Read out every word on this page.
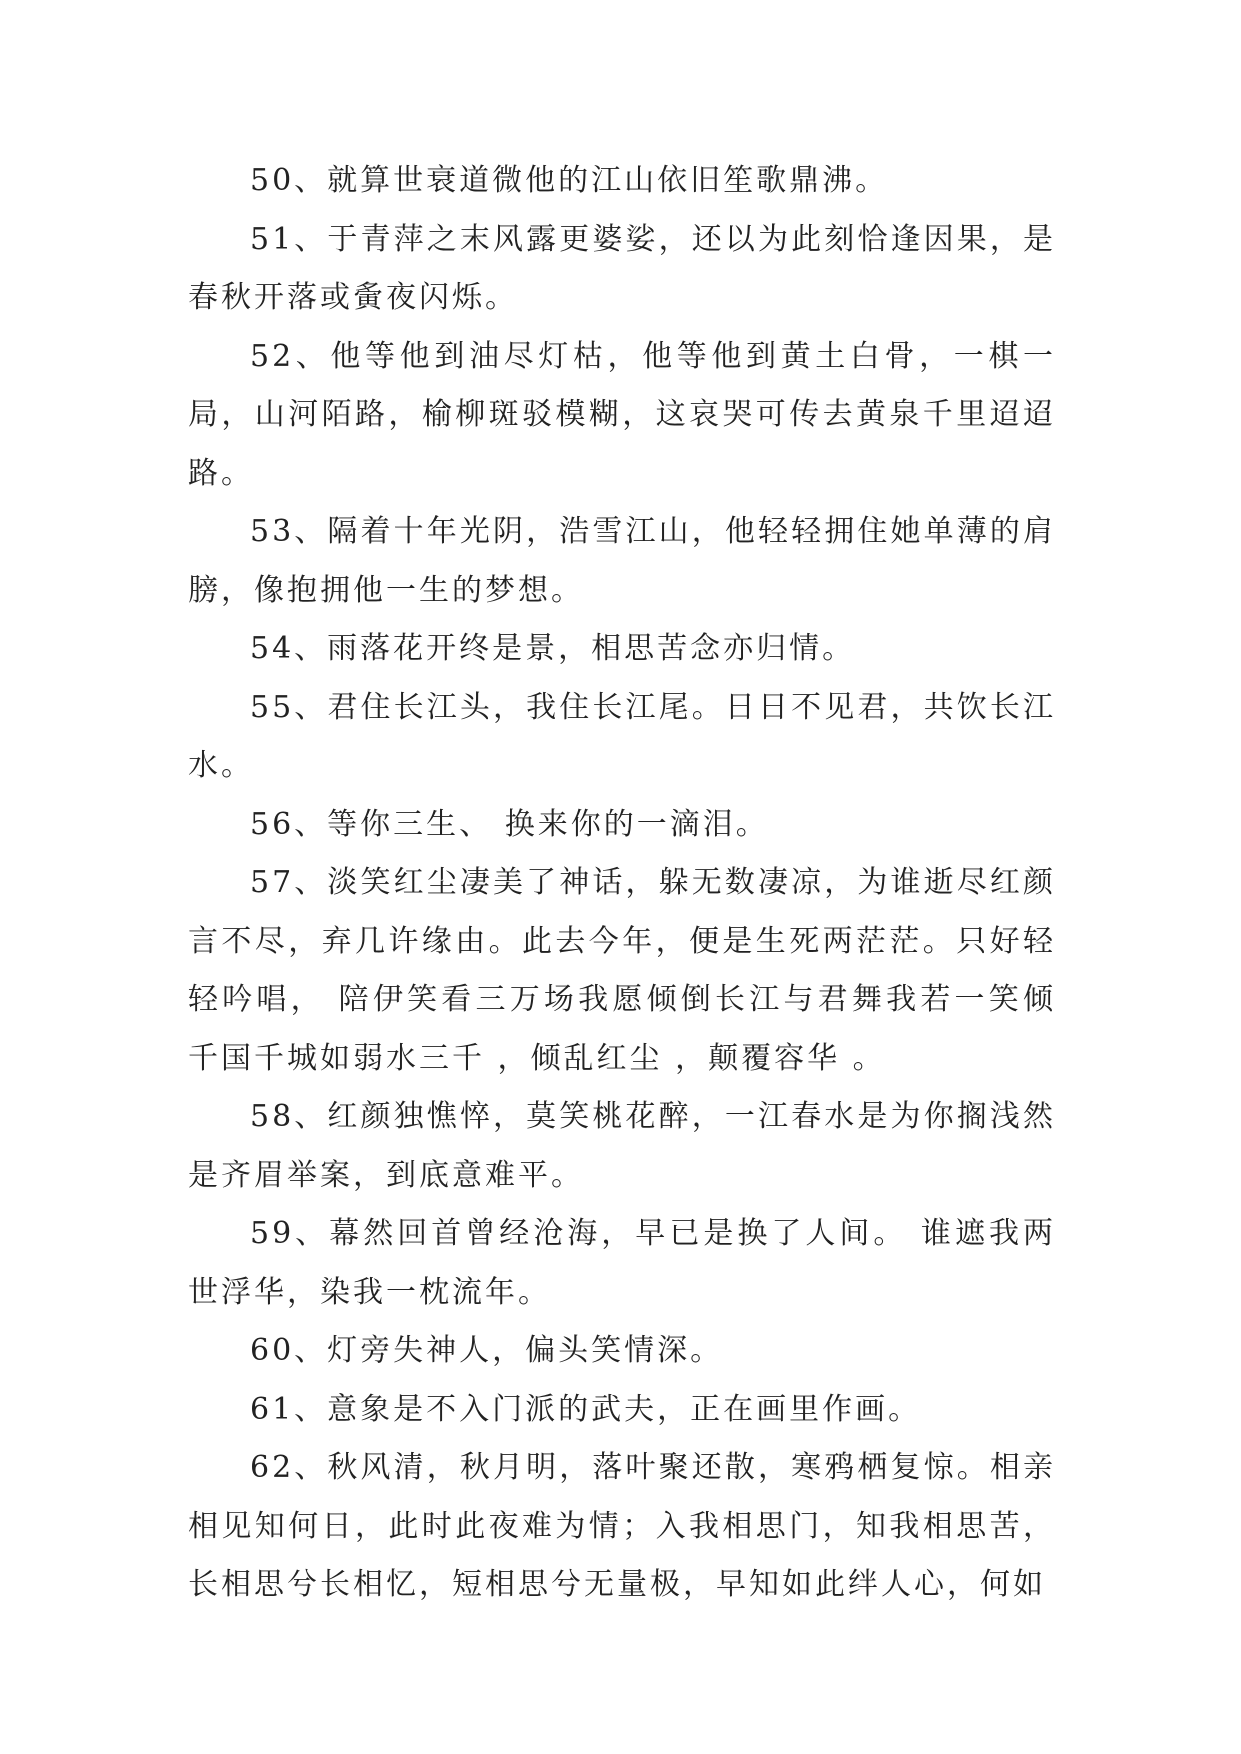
50、就算世衰道微他的江山依旧笙歌鼎沸。

51、于青萍之末风露更婆娑，还以为此刻恰逢因果，是春秋开落或夤夜闪烁。

52、他等他到油尽灯枯，他等他到黄土白骨，一棋一局，山河陌路，榆柳斑驳模糊，这哀哭可传去黄泉千里迢迢路。

53、隔着十年光阴，浩雪江山，他轻轻拥住她单薄的肩膀，像抱拥他一生的梦想。

54、雨落花开终是景，相思苦念亦归情。

55、君住长江头，我住长江尾。日日不见君，共饮长江水。

56、等你三生、 换来你的一滴泪。

57、淡笑红尘凄美了神话，躲无数凄凉，为谁逝尽红颜言不尽，弃几许缘由。此去今年，便是生死两茫茫。只好轻轻吟唱， 陪伊笑看三万场我愿倾倒长江与君舞我若一笑倾千国千城如弱水三千 ，倾乱红尘 ，颠覆容华 。

58、红颜独憔悴，莫笑桃花醉，一江春水是为你搁浅然是齐眉举案，到底意难平。

59、幕然回首曾经沧海，早已是换了人间。 谁遮我两世浮华，染我一枕流年。

60、灯旁失神人，偏头笑情深。

61、意象是不入门派的武夫，正在画里作画。

62、秋风清，秋月明，落叶聚还散，寒鸦栖复惊。相亲相见知何日，此时此夜难为情；入我相思门，知我相思苦，长相思兮长相忆，短相思兮无量极，早知如此绊人心，何如
